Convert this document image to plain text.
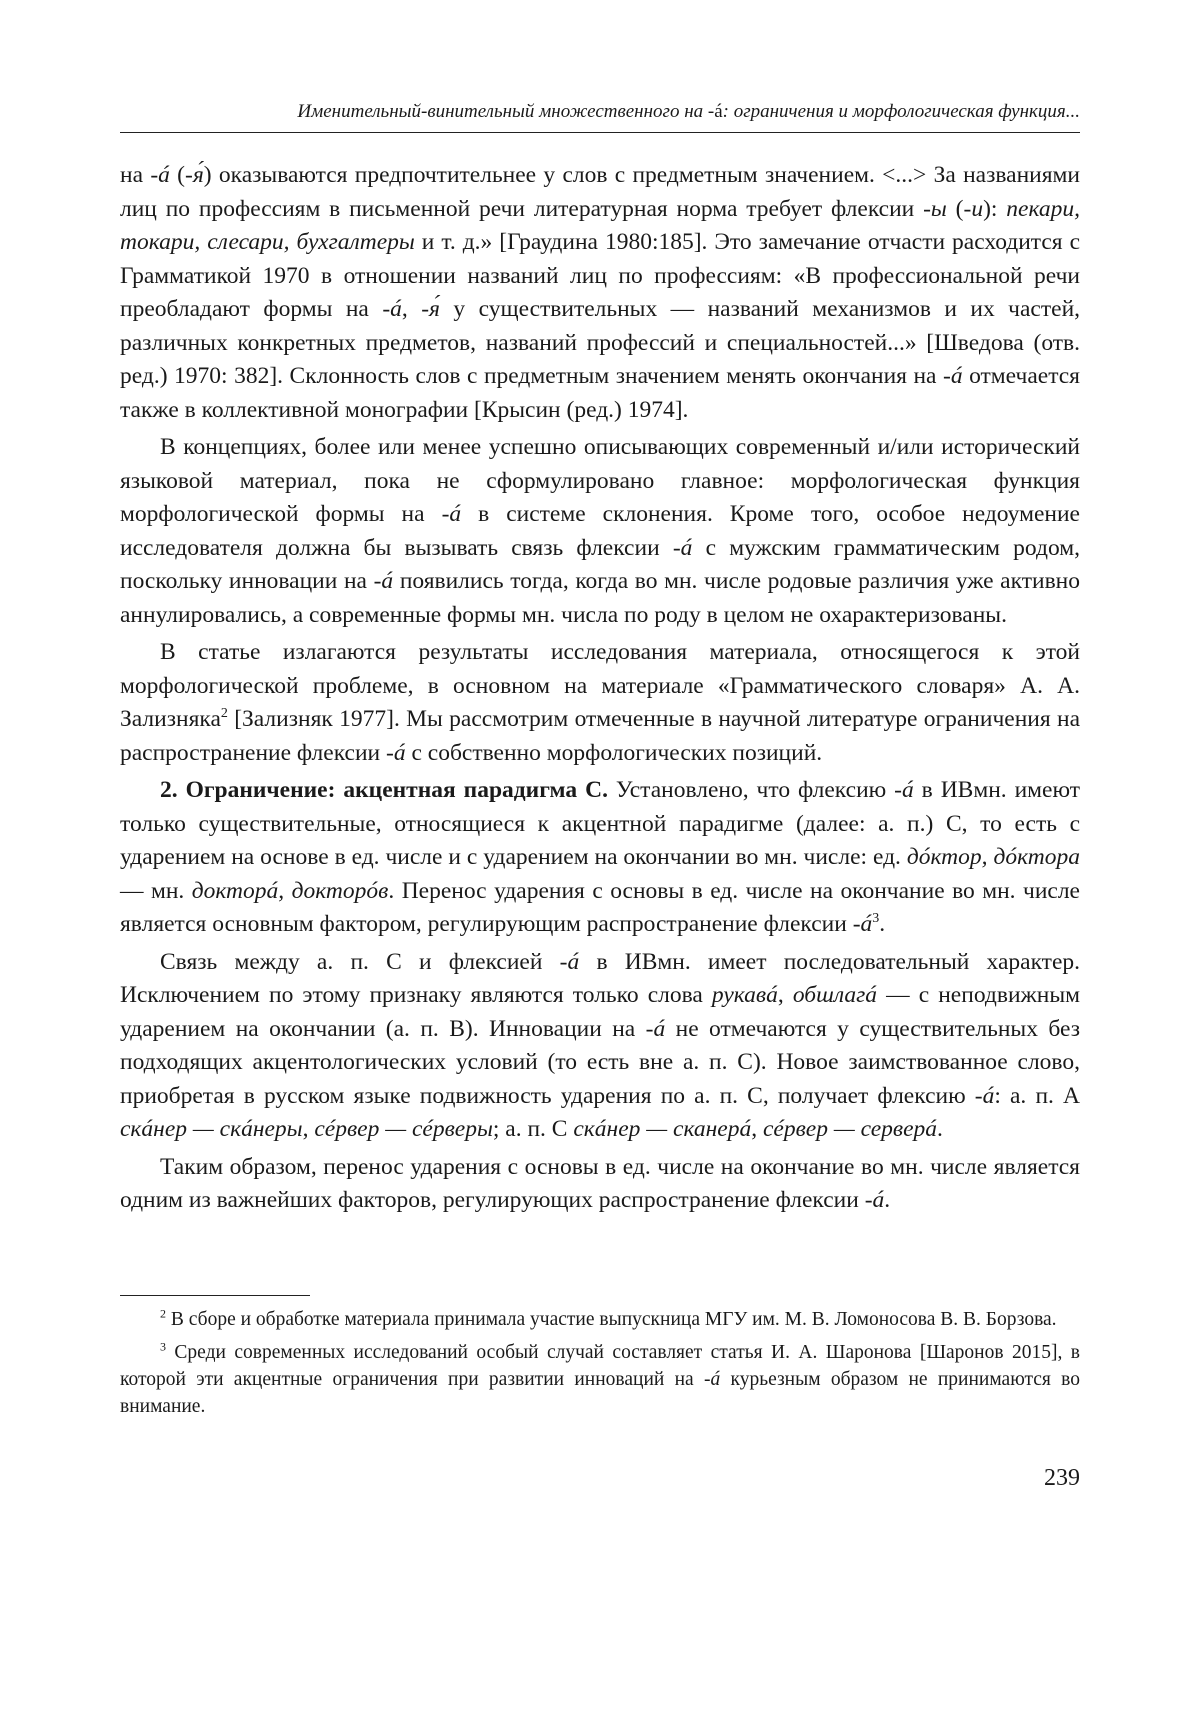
Именительный-винительный множественного на -á: ограничения и морфологическая функция...

на -á (-я́) оказываются предпочтительнее у слов с предметным значением. <...> За названиями лиц по профессиям в письменной речи литературная норма требует флексии -ы (-и): пекари, токари, слесари, бухгалтеры и т. д.» [Граудина 1980:185]. Это замечание отчасти расходится с Грамматикой 1970 в отношении названий лиц по профессиям: «В профессиональной речи преобладают формы на -á, -я́ у существительных — названий механизмов и их частей, различных конкретных предметов, названий профессий и специальностей...» [Шведова (отв. ред.) 1970: 382]. Склонность слов с предметным значением менять окончания на -á отмечается также в коллективной монографии [Крысин (ред.) 1974].

В концепциях, более или менее успешно описывающих современный и/или исторический языковой материал, пока не сформулировано главное: морфологическая функция морфологической формы на -á в системе склонения. Кроме того, особое недоумение исследователя должна бы вызывать связь флексии -á с мужским грамматическим родом, поскольку инновации на -á появились тогда, когда во мн. числе родовые различия уже активно аннулировались, а современные формы мн. числа по роду в целом не охарактеризованы.

В статье излагаются результаты исследования материала, относящегося к этой морфологической проблеме, в основном на материале «Грамматического словаря» А. А. Зализняка$^2$ [Зализняк 1977]. Мы рассмотрим отмеченные в научной литературе ограничения на распространение флексии -á с собственно морфологических позиций.

2. Ограничение: акцентная парадигма С. Установлено, что флексию -á в ИВмн. имеют только существительные, относящиеся к акцентной парадигме (далее: а. п.) С, то есть с ударением на основе в ед. числе и с ударением на окончании во мн. числе: ед. дóктор, дóктора — мн. докторá, докторóв. Перенос ударения с основы в ед. числе на окончание во мн. числе является основным фактором, регулирующим распространение флексии -á$^3$.

Связь между а. п. С и флексией -á в ИВмн. имеет последовательный характер. Исключением по этому признаку являются только слова рукавá, обшлагá — с неподвижным ударением на окончании (а. п. В). Инновации на -á не отмечаются у существительных без подходящих акцентологических условий (то есть вне а. п. С). Новое заимствованное слово, приобретая в русском языке подвижность ударения по а. п. С, получает флексию -á: а. п. А скáнер — скáнеры, сéрвер — сéрверы; а. п. С скáнер — сканерá, сéрвер — серверá.

Таким образом, перенос ударения с основы в ед. числе на окончание во мн. числе является одним из важнейших факторов, регулирующих распространение флексии -á.

$^2$ В сборе и обработке материала принимала участие выпускница МГУ им. М. В. Ломоносова В. В. Борзова.

$^3$ Среди современных исследований особый случай составляет статья И. А. Шаронова [Шаронов 2015], в которой эти акцентные ограничения при развитии инноваций на -á курьезным образом не принимаются во внимание.

239
